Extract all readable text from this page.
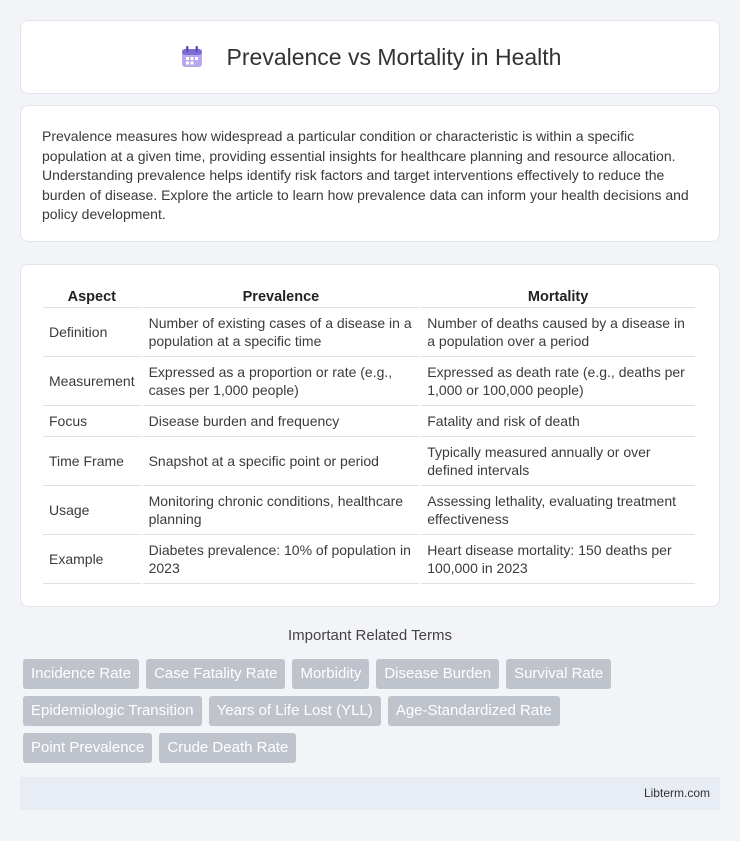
Prevalence vs Mortality in Health

Prevalence measures how widespread a particular condition or characteristic is within a specific population at a given time, providing essential insights for healthcare planning and resource allocation. Understanding prevalence helps identify risk factors and target interventions effectively to reduce the burden of disease. Explore the article to learn how prevalence data can inform your health decisions and policy development.

Aspect	Prevalence	Mortality
Definition	Number of existing cases of a disease in a population at a specific time	Number of deaths caused by a disease in a population over a period
Measurement	Expressed as a proportion or rate (e.g., cases per 1,000 people)	Expressed as death rate (e.g., deaths per 1,000 or 100,000 people)
Focus	Disease burden and frequency	Fatality and risk of death
Time Frame	Snapshot at a specific point or period	Typically measured annually or over defined intervals
Usage	Monitoring chronic conditions, healthcare planning	Assessing lethality, evaluating treatment effectiveness
Example	Diabetes prevalence: 10% of population in 2023	Heart disease mortality: 150 deaths per 100,000 in 2023
Important Related Terms
Incidence Rate	Case Fatality Rate	Morbidity	Disease Burden	Survival Rate
Epidemiologic Transition	Years of Life Lost (YLL)	Age-Standardized Rate
Point Prevalence	Crude Death Rate
Libterm.com
